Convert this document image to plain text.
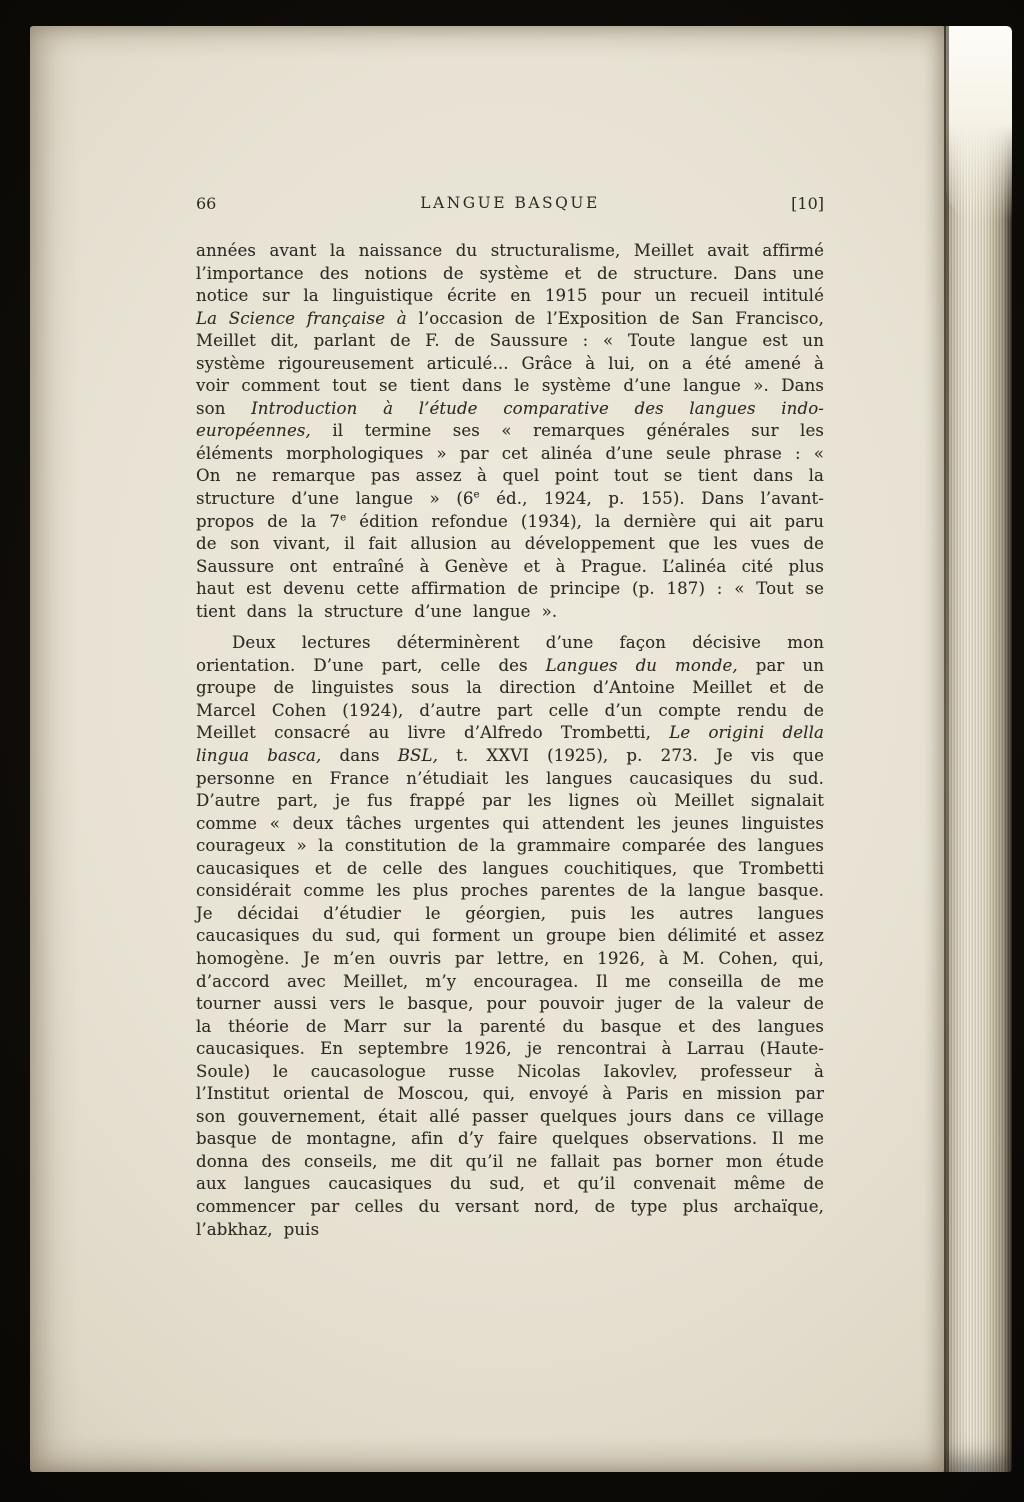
66	LANGUE BASQUE	[10]

années avant la naissance du structuralisme, Meillet avait affirmé l’importance des notions de système et de structure. Dans une notice sur la linguistique écrite en 1915 pour un recueil intitulé La Science française à l’occasion de l’Exposition de San Francisco, Meillet dit, parlant de F. de Saussure : « Toute langue est un système rigoureusement articulé... Grâce à lui, on a été amené à voir comment tout se tient dans le système d’une langue ». Dans son Introduction à l’étude comparative des langues indo-européennes, il termine ses « remarques générales sur les éléments morphologiques » par cet alinéa d’une seule phrase : « On ne remarque pas assez à quel point tout se tient dans la structure d’une langue » (6e éd., 1924, p. 155). Dans l’avant-propos de la 7e édition refondue (1934), la dernière qui ait paru de son vivant, il fait allusion au développement que les vues de Saussure ont entraîné à Genève et à Prague. L’alinéa cité plus haut est devenu cette affirmation de principe (p. 187) : « Tout se tient dans la structure d’une langue ».

Deux lectures déterminèrent d’une façon décisive mon orientation. D’une part, celle des Langues du monde, par un groupe de linguistes sous la direction d’Antoine Meillet et de Marcel Cohen (1924), d’autre part celle d’un compte rendu de Meillet consacré au livre d’Alfredo Trombetti, Le origini della lingua basca, dans BSL, t. XXVI (1925), p. 273. Je vis que personne en France n’étudiait les langues caucasiques du sud. D’autre part, je fus frappé par les lignes où Meillet signalait comme « deux tâches urgentes qui attendent les jeunes linguistes courageux » la constitution de la grammaire comparée des langues caucasiques et de celle des langues couchitiques, que Trombetti considérait comme les plus proches parentes de la langue basque. Je décidai d’étudier le géorgien, puis les autres langues caucasiques du sud, qui forment un groupe bien délimité et assez homogène. Je m’en ouvris par lettre, en 1926, à M. Cohen, qui, d’accord avec Meillet, m’y encouragea. Il me conseilla de me tourner aussi vers le basque, pour pouvoir juger de la valeur de la théorie de Marr sur la parenté du basque et des langues caucasiques. En septembre 1926, je rencontrai à Larrau (Haute-Soule) le caucasologue russe Nicolas Iakovlev, professeur à l’Institut oriental de Moscou, qui, envoyé à Paris en mission par son gouvernement, était allé passer quelques jours dans ce village basque de montagne, afin d’y faire quelques observations. Il me donna des conseils, me dit qu’il ne fallait pas borner mon étude aux langues caucasiques du sud, et qu’il convenait même de commencer par celles du versant nord, de type plus archaïque, l’abkhaz, puis
